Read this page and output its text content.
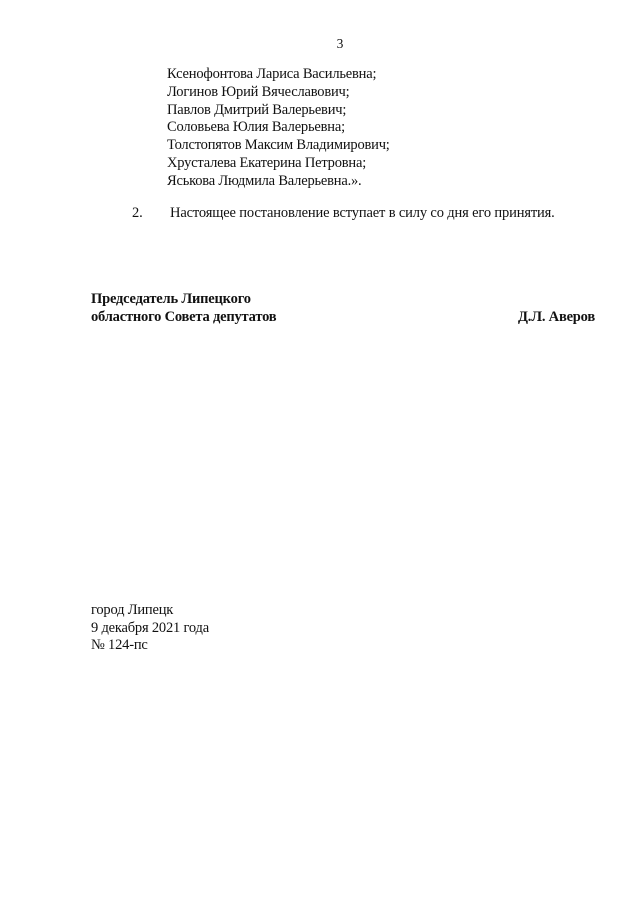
3
Ксенофонтова Лариса Васильевна;
Логинов Юрий Вячеславович;
Павлов Дмитрий Валерьевич;
Соловьева Юлия Валерьевна;
Толстопятов Максим Владимирович;
Хрусталева Екатерина Петровна;
Яськова Людмила Валерьевна.».
2. Настоящее постановление вступает в силу со дня его принятия.
Председатель Липецкого
областного Совета депутатов	Д.Л. Аверов
город Липецк
9 декабря 2021 года
№ 124-пс
